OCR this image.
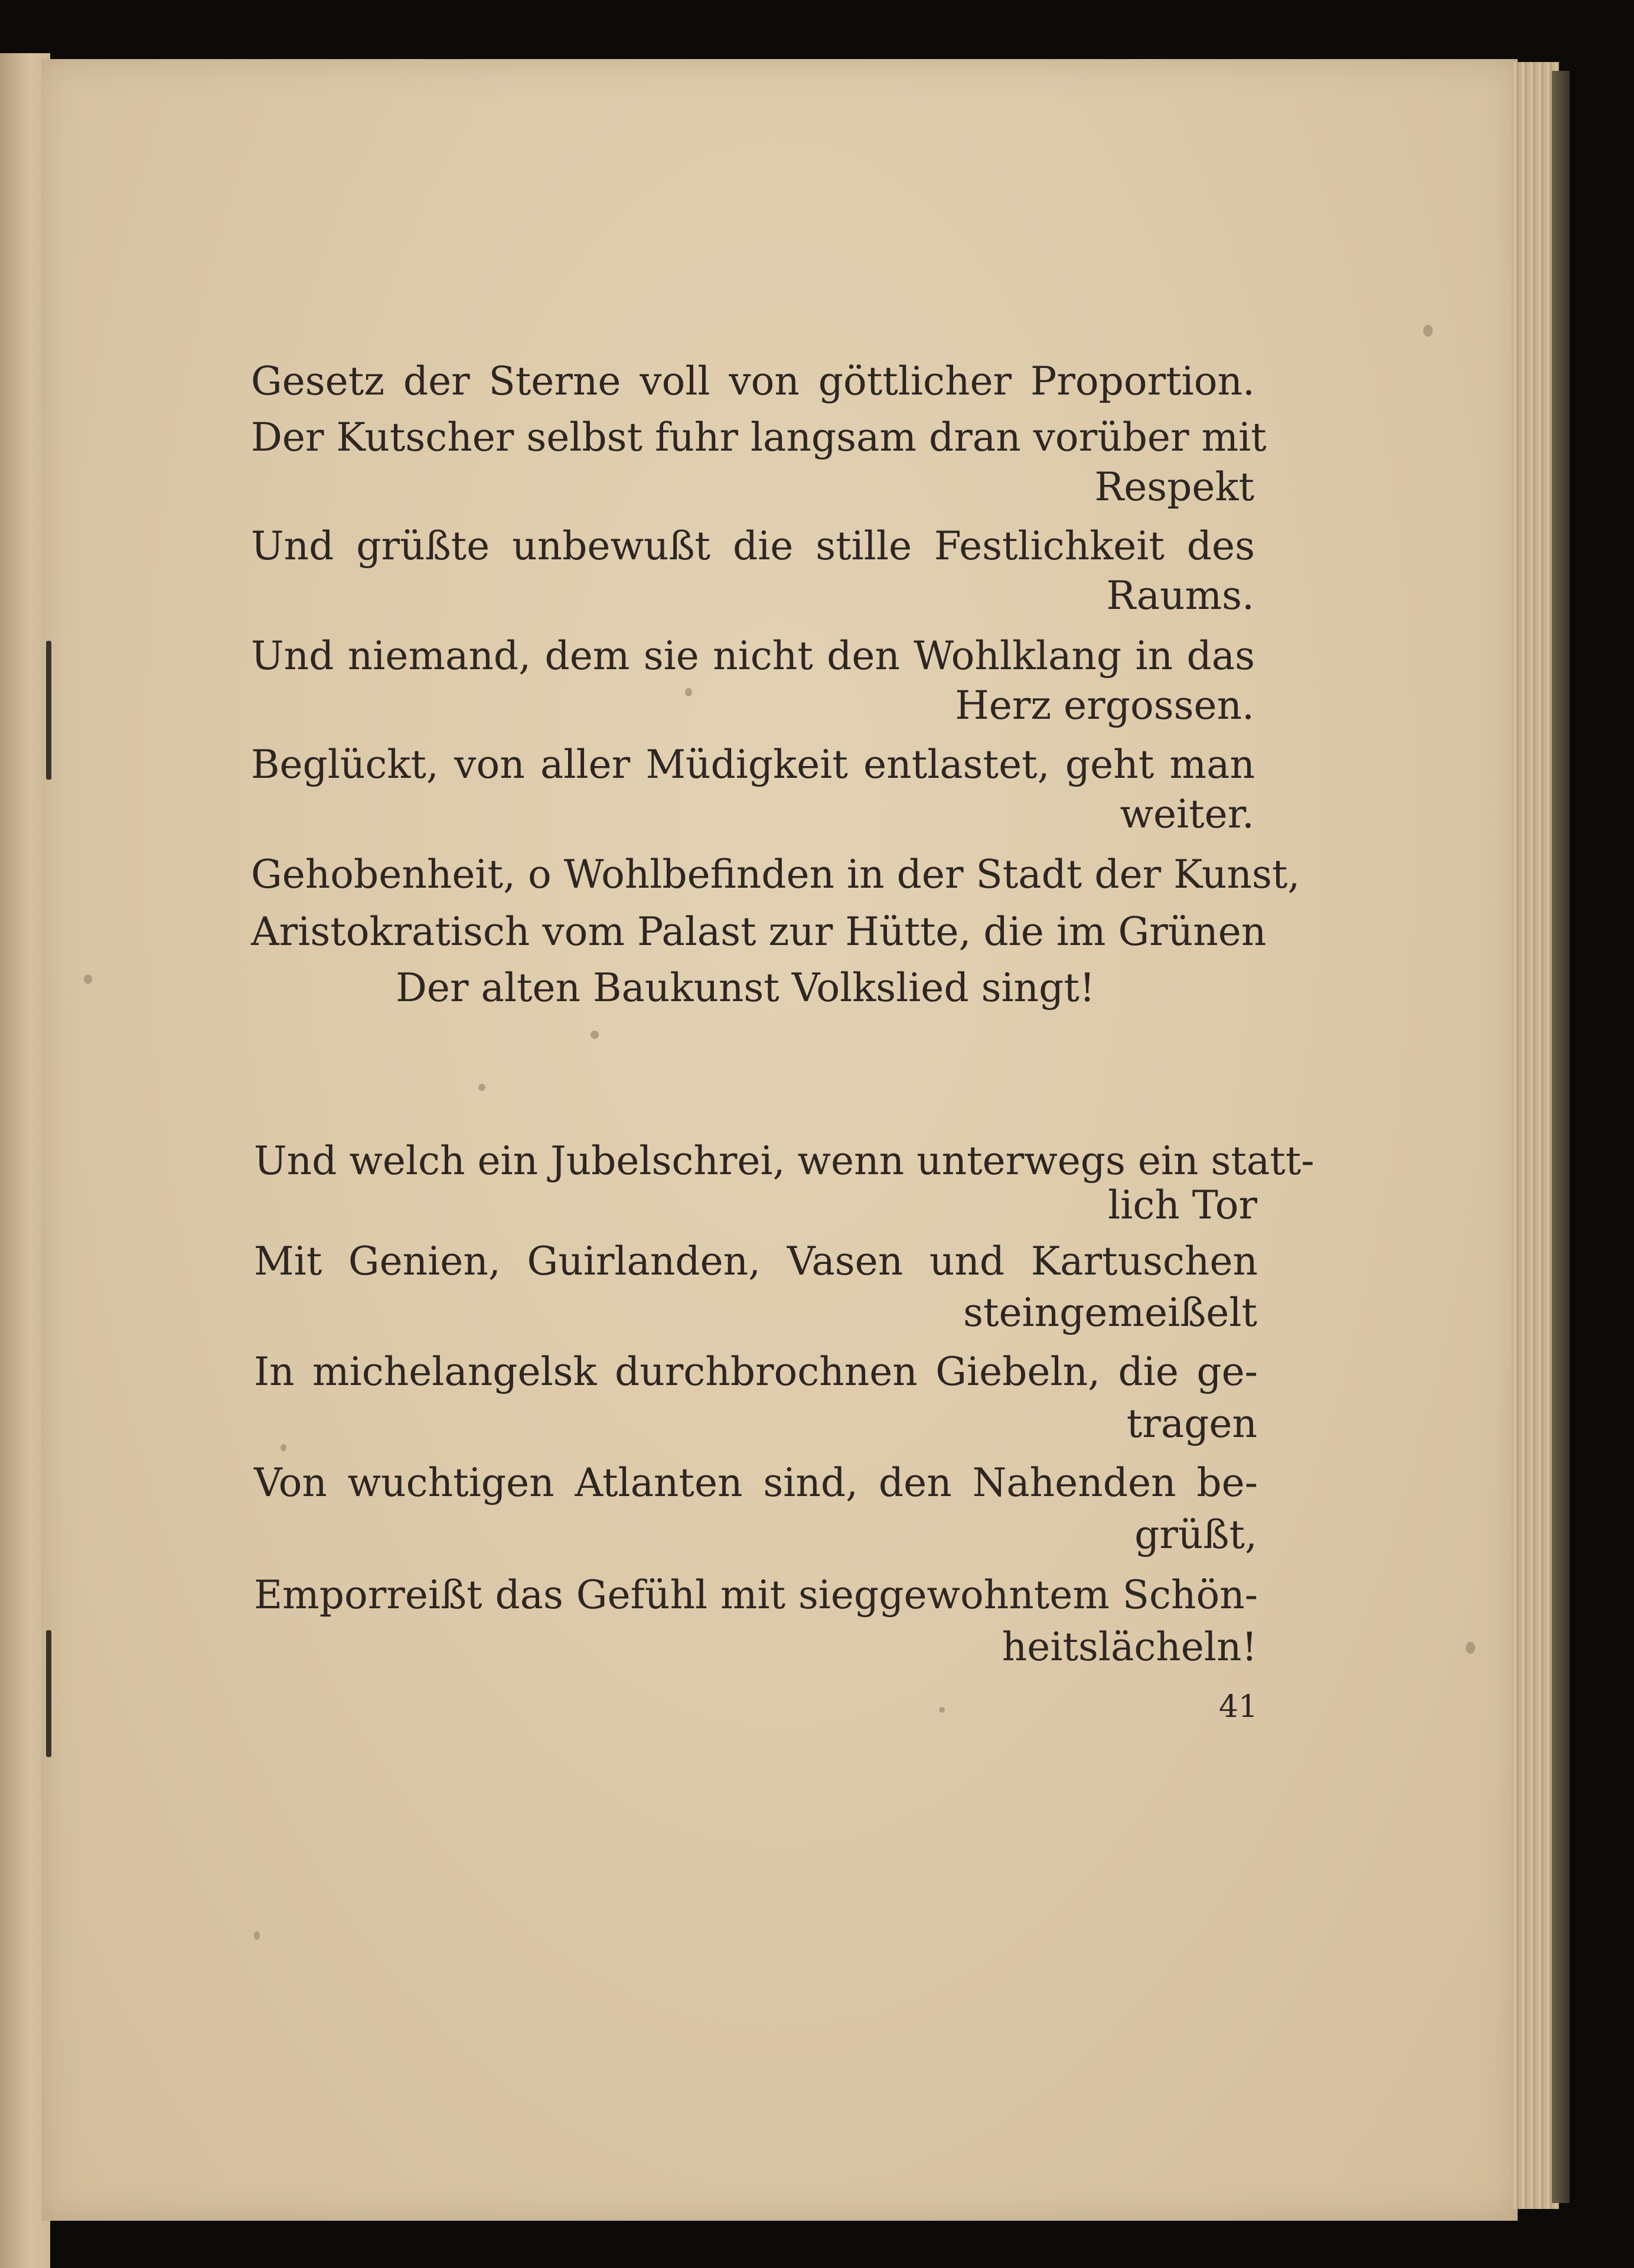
Gesetz der Sterne voll von göttlicher Proportion.
Der Kutscher selbst fuhr langsam dran vorüber mit
Respekt
Und grüßte unbewußt die stille Festlichkeit des
Raums.
Und niemand, dem sie nicht den Wohlklang in das
Herz ergossen.
Beglückt, von aller Müdigkeit entlastet, geht man
weiter.
Gehobenheit, o Wohlbefinden in der Stadt der Kunst,
Aristokratisch vom Palast zur Hütte, die im Grünen
Der alten Baukunst Volkslied singt!
Und welch ein Jubelschrei, wenn unterwegs ein statt-
lich Tor
Mit Genien, Guirlanden, Vasen und Kartuschen
steingemeißelt
In michelangelsk durchbrochnen Giebeln, die ge-
tragen
Von wuchtigen Atlanten sind, den Nahenden be-
grüßt,
Emporreißt das Gefühl mit sieggewohntem Schön-
heitslächeln!
41
